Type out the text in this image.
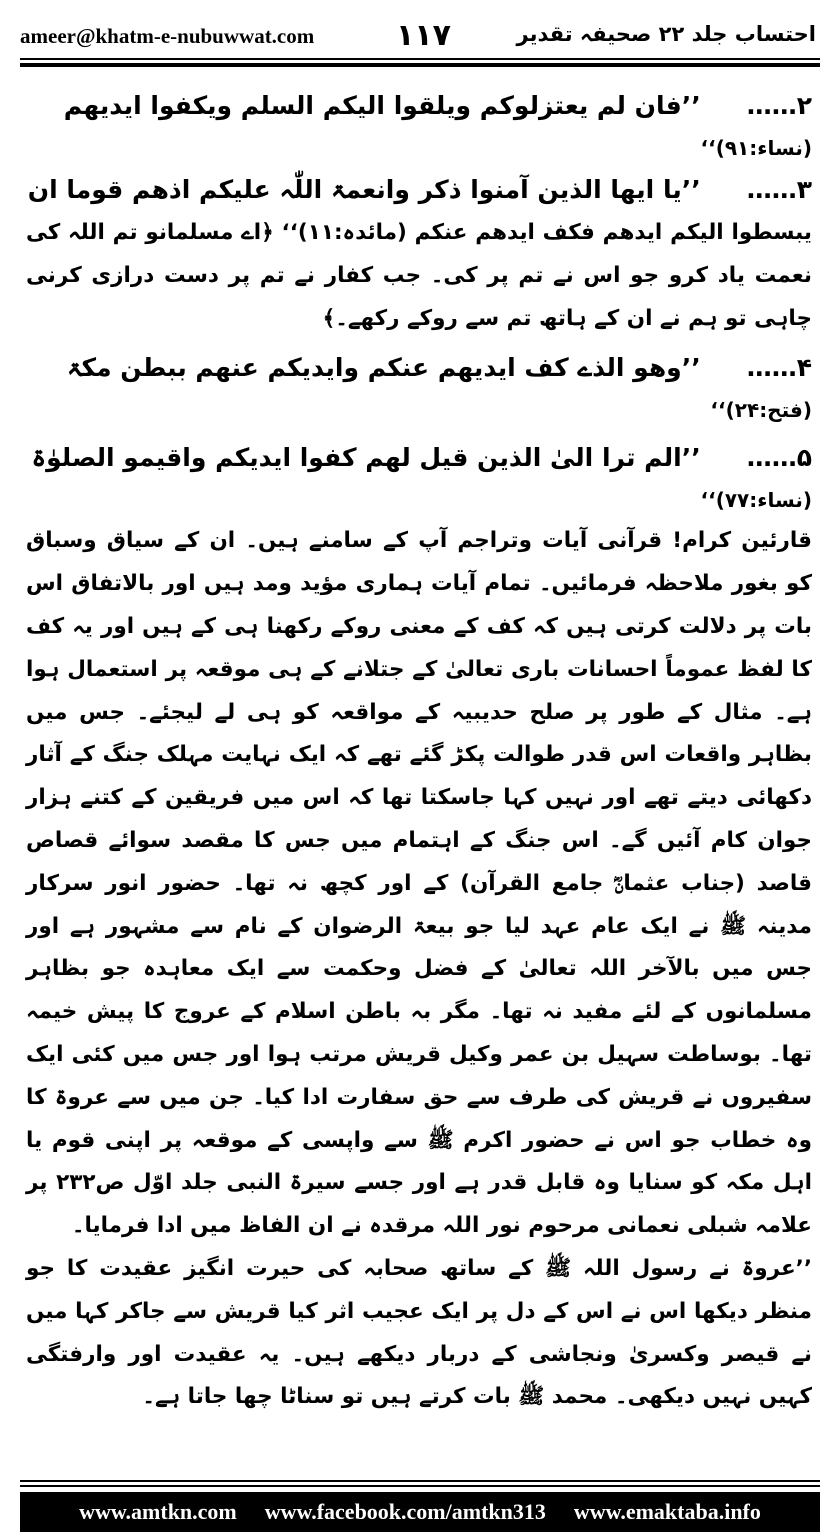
ameer@khatm-e-nubuwwat.com	۱۱۷	احتساب جلد ۲۲ صحیفہ تقدیر
۲……’’فان لم یعتزلوکم ویلقوا الیکم السلم ویکفوا ایدیھم
(نساء:۹۱)‘‘
۳……’’یا ایھا الذین آمنوا ذکر وانعمۃ اللّٰہ علیکم اذھم قوما ان
یبسطوا الیکم ایدھم فکف ایدھم عنکم (مائدہ:۱۱)‘‘ ﴿اے مسلمانو تم اللہ کی نعمت یاد کرو جو اس نے تم پر کی۔ جب کفار نے تم پر دست درازی کرنی چاہی تو ہم نے ان کے ہاتھ تم سے روکے رکھے۔﴾
۴……’’وھو الذے کف ایدیھم عنکم وایدیکم عنھم ببطن مکۃ
(فتح:۲۴)‘‘
۵……’’الم ترا الیٰ الذین قیل لھم کفوا ایدیکم واقیمو الصلوٰۃ
(نساء:۷۷)‘‘
قارئین کرام! قرآنی آیات وتراجم آپ کے سامنے ہیں۔ ان کے سیاق وسباق کو بغور ملاحظہ فرمائیں۔ تمام آیات ہماری مؤید ومد ہیں اور بالاتفاق اس بات پر دلالت کرتی ہیں کہ کف کے معنی روکے رکھنا ہی کے ہیں اور یہ کف کا لفظ عموماً احسانات باری تعالیٰ کے جتلانے کے ہی موقعہ پر استعمال ہوا ہے۔ مثال کے طور پر صلح حدیبیہ کے مواقعہ کو ہی لے لیجئے۔ جس میں بظاہر واقعات اس قدر طوالت پکڑ گئے تھے کہ ایک نہایت مہلک جنگ کے آثار دکھائی دیتے تھے اور نہیں کہا جاسکتا تھا کہ اس میں فریقین کے کتنے ہزار جوان کام آئیں گے۔ اس جنگ کے اہتمام میں جس کا مقصد سوائے قصاص قاصد (جناب عثمانؓ جامع القرآن) کے اور کچھ نہ تھا۔ حضور انور سرکار مدینہ ﷺ نے ایک عام عہد لیا جو بیعۃ الرضوان کے نام سے مشہور ہے اور جس میں بالآخر اللہ تعالیٰ کے فضل وحکمت سے ایک معاہدہ جو بظاہر مسلمانوں کے لئے مفید نہ تھا۔ مگر بہ باطن اسلام کے عروج کا پیش خیمہ تھا۔ بوساطت سہیل بن عمر وکیل قریش مرتب ہوا اور جس میں کئی ایک سفیروں نے قریش کی طرف سے حق سفارت ادا کیا۔ جن میں سے عروۃ کا وہ خطاب جو اس نے حضور اکرم ﷺ سے واپسی کے موقعہ پر اپنی قوم یا اہل مکہ کو سنایا وہ قابل قدر ہے اور جسے سیرۃ النبی جلد اوّل ص۲۳۲ پر علامہ شبلی نعمانی مرحوم نور اللہ مرقدہ نے ان الفاظ میں ادا فرمایا۔
’’عروۃ نے رسول اللہ ﷺ کے ساتھ صحابہ کی حیرت انگیز عقیدت کا جو منظر دیکھا اس نے اس کے دل پر ایک عجیب اثر کیا قریش سے جاکر کہا میں نے قیصر وکسریٰ ونجاشی کے دربار دیکھے ہیں۔ یہ عقیدت اور وارفتگی کہیں نہیں دیکھی۔ محمد ﷺ بات کرتے ہیں تو سناٹا چھا جاتا ہے۔
www.amtkn.com www.facebook.com/amtkn313 www.emaktaba.info
